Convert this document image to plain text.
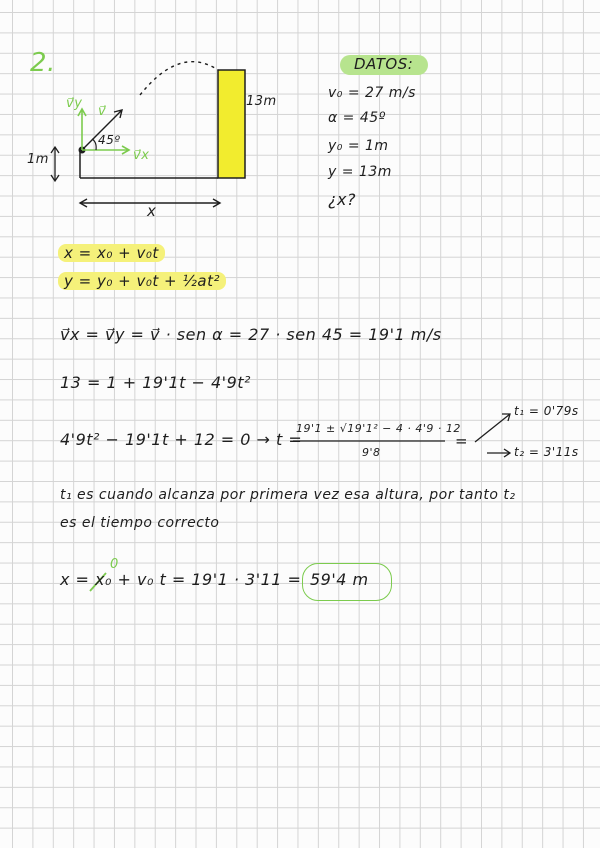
2.
1m
13m
45º
v⃗y
v⃗
v⃗x
x
DATOS:
v₀ = 27 m/s
α = 45º
y₀ = 1m
y = 13m
¿x?
x = x₀ + v₀t
y = y₀ + v₀t + ½at²
v⃗x = v⃗y = v⃗ · sen α = 27 · sen 45 = 19'1 m/s
13 = 1 + 19'1t − 4'9t²
4'9t² − 19'1t + 12 = 0 → t =
19'1 ± √19'1² − 4 · 4'9 · 12
9'8
=
t₁ = 0'79s
t₂ = 3'11s
t₁ es cuando alcanza por primera vez esa altura, por tanto t₂
es el tiempo correcto
x = x₀ + v₀ t = 19'1 · 3'11 =
0
59'4 m
